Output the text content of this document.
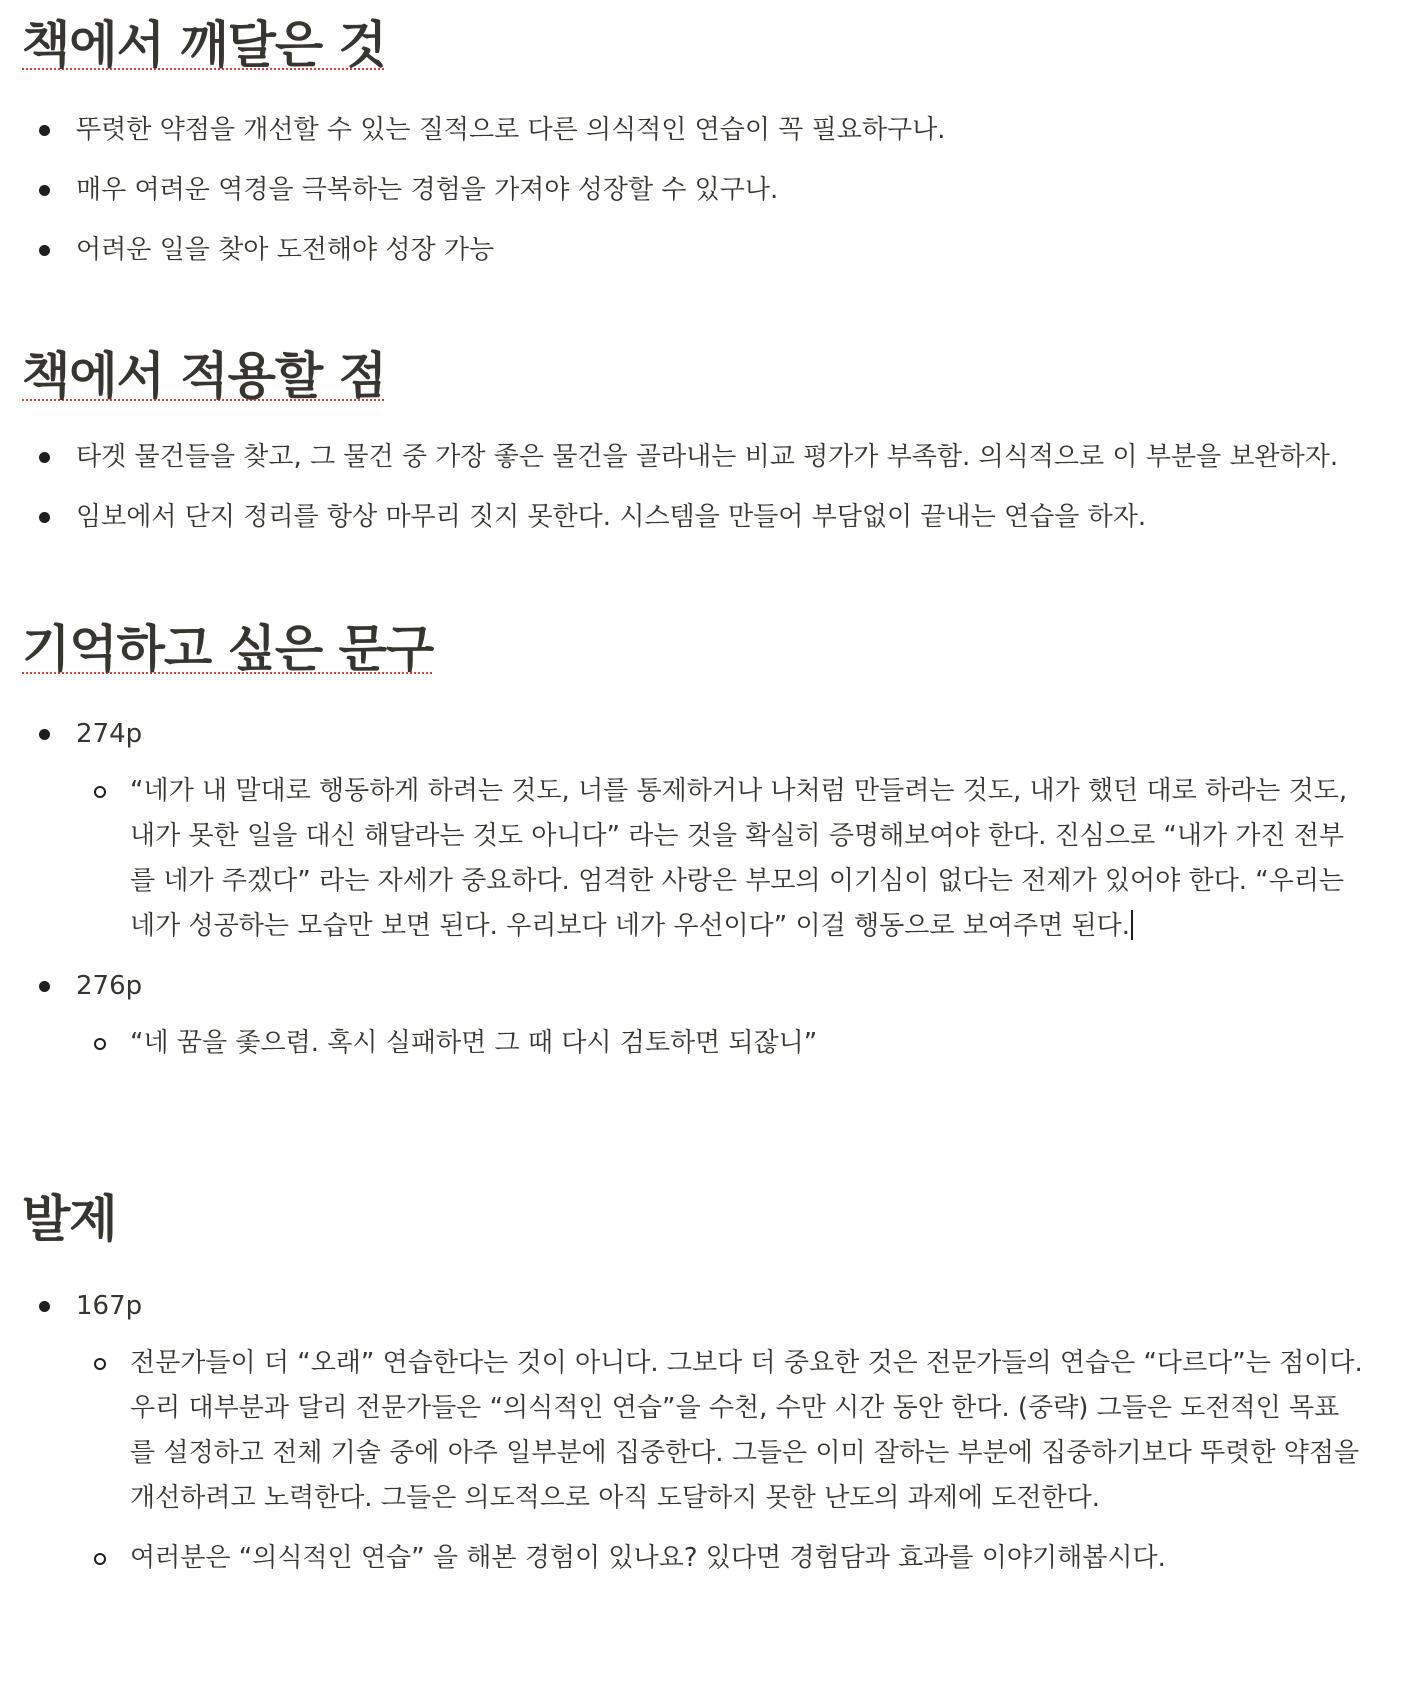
책에서 깨달은 것
뚜렷한 약점을 개선할 수 있는 질적으로 다른 의식적인 연습이 꼭 필요하구나.
매우 여려운 역경을 극복하는 경험을 가져야 성장할 수 있구나.
어려운 일을 찾아 도전해야 성장 가능
책에서 적용할 점
타겟 물건들을 찾고, 그 물건 중 가장 좋은 물건을 골라내는 비교 평가가 부족함. 의식적으로 이 부분을 보완하자.
임보에서 단지 정리를 항상 마무리 짓지 못한다. 시스템을 만들어 부담없이 끝내는 연습을 하자.
기억하고 싶은 문구
274p
“네가 내 말대로 행동하게 하려는 것도, 너를 통제하거나 나처럼 만들려는 것도, 내가 했던 대로 하라는 것도, 내가 못한 일을 대신 해달라는 것도 아니다” 라는 것을 확실히 증명해보여야 한다. 진심으로 “내가 가진 전부를 네가 주겠다” 라는 자세가 중요하다. 엄격한 사랑은 부모의 이기심이 없다는 전제가 있어야 한다. “우리는 네가 성공하는 모습만 보면 된다. 우리보다 네가 우선이다” 이걸 행동으로 보여주면 된다.
276p
“네 꿈을 좇으렴. 혹시 실패하면 그 때 다시 검토하면 되잖니”
발제
167p
전문가들이 더 “오래” 연습한다는 것이 아니다. 그보다 더 중요한 것은 전문가들의 연습은 “다르다”는 점이다. 우리 대부분과 달리 전문가들은 “의식적인 연습”을 수천, 수만 시간 동안 한다. (중략) 그들은 도전적인 목표를 설정하고 전체 기술 중에 아주 일부분에 집중한다. 그들은 이미 잘하는 부분에 집중하기보다 뚜렷한 약점을 개선하려고 노력한다. 그들은 의도적으로 아직 도달하지 못한 난도의 과제에 도전한다.
여러분은 “의식적인 연습” 을 해본 경험이 있나요? 있다면 경험담과 효과를 이야기해봅시다.
